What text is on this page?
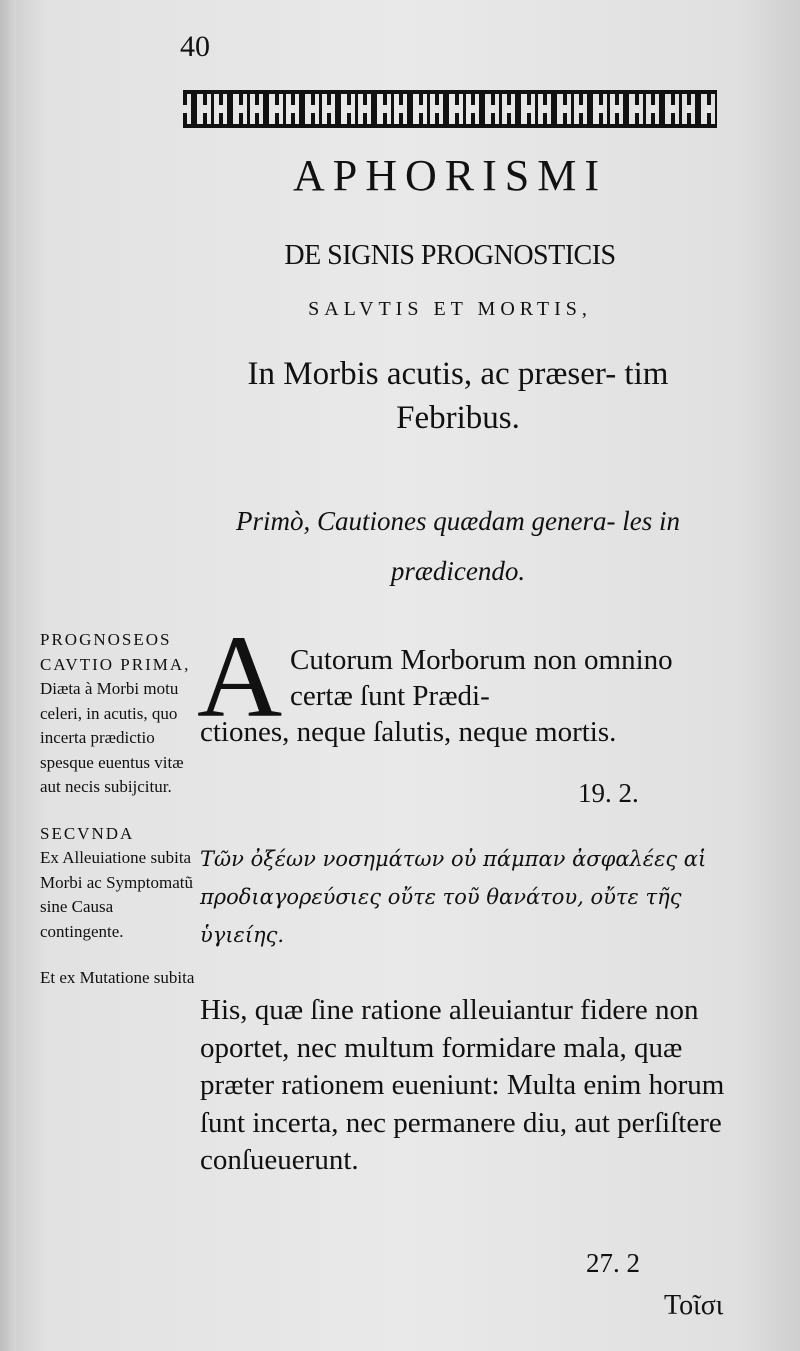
40
APHORISMI
DE SIGNIS PROGNOSTICIS
SALVTIS ET MORTIS,
In Morbis acutis, ac præser- tim Febribus.
Primò, Cautiones quædam genera- les in prædicendo.
PROGNOSEOS CAVTIO PRIMA,
Diæta à Morbi motu celeri, in acutis, quo incerta prædictio spesque euentus vitæ aut necis subijcitur.
SECVNDA
Ex Alleuiatione subita Morbi ac Symptomatũ sine Causa contingente.
Et ex Mutatione subita
A Cutorum Morborum non omnino certæ ſunt Prædi-
ctiones, neque ſalutis, neque mortis.
19. 2.
Τῶν ὀξέων νοσημάτων οὐ πάμπαν ἀσφαλέες αἱ προδιαγορεύσιες οὔτε τοῦ θανάτου, οὔτε τῆς ὑγιείης.
His, quæ ſine ratione alleuiantur fidere non oportet, nec multum formidare mala, quæ præter rationem eueniunt: Multa enim horum ſunt incerta, nec permanere diu, aut perſiſtere conſueuerunt.
27. 2
Τοῖσι
